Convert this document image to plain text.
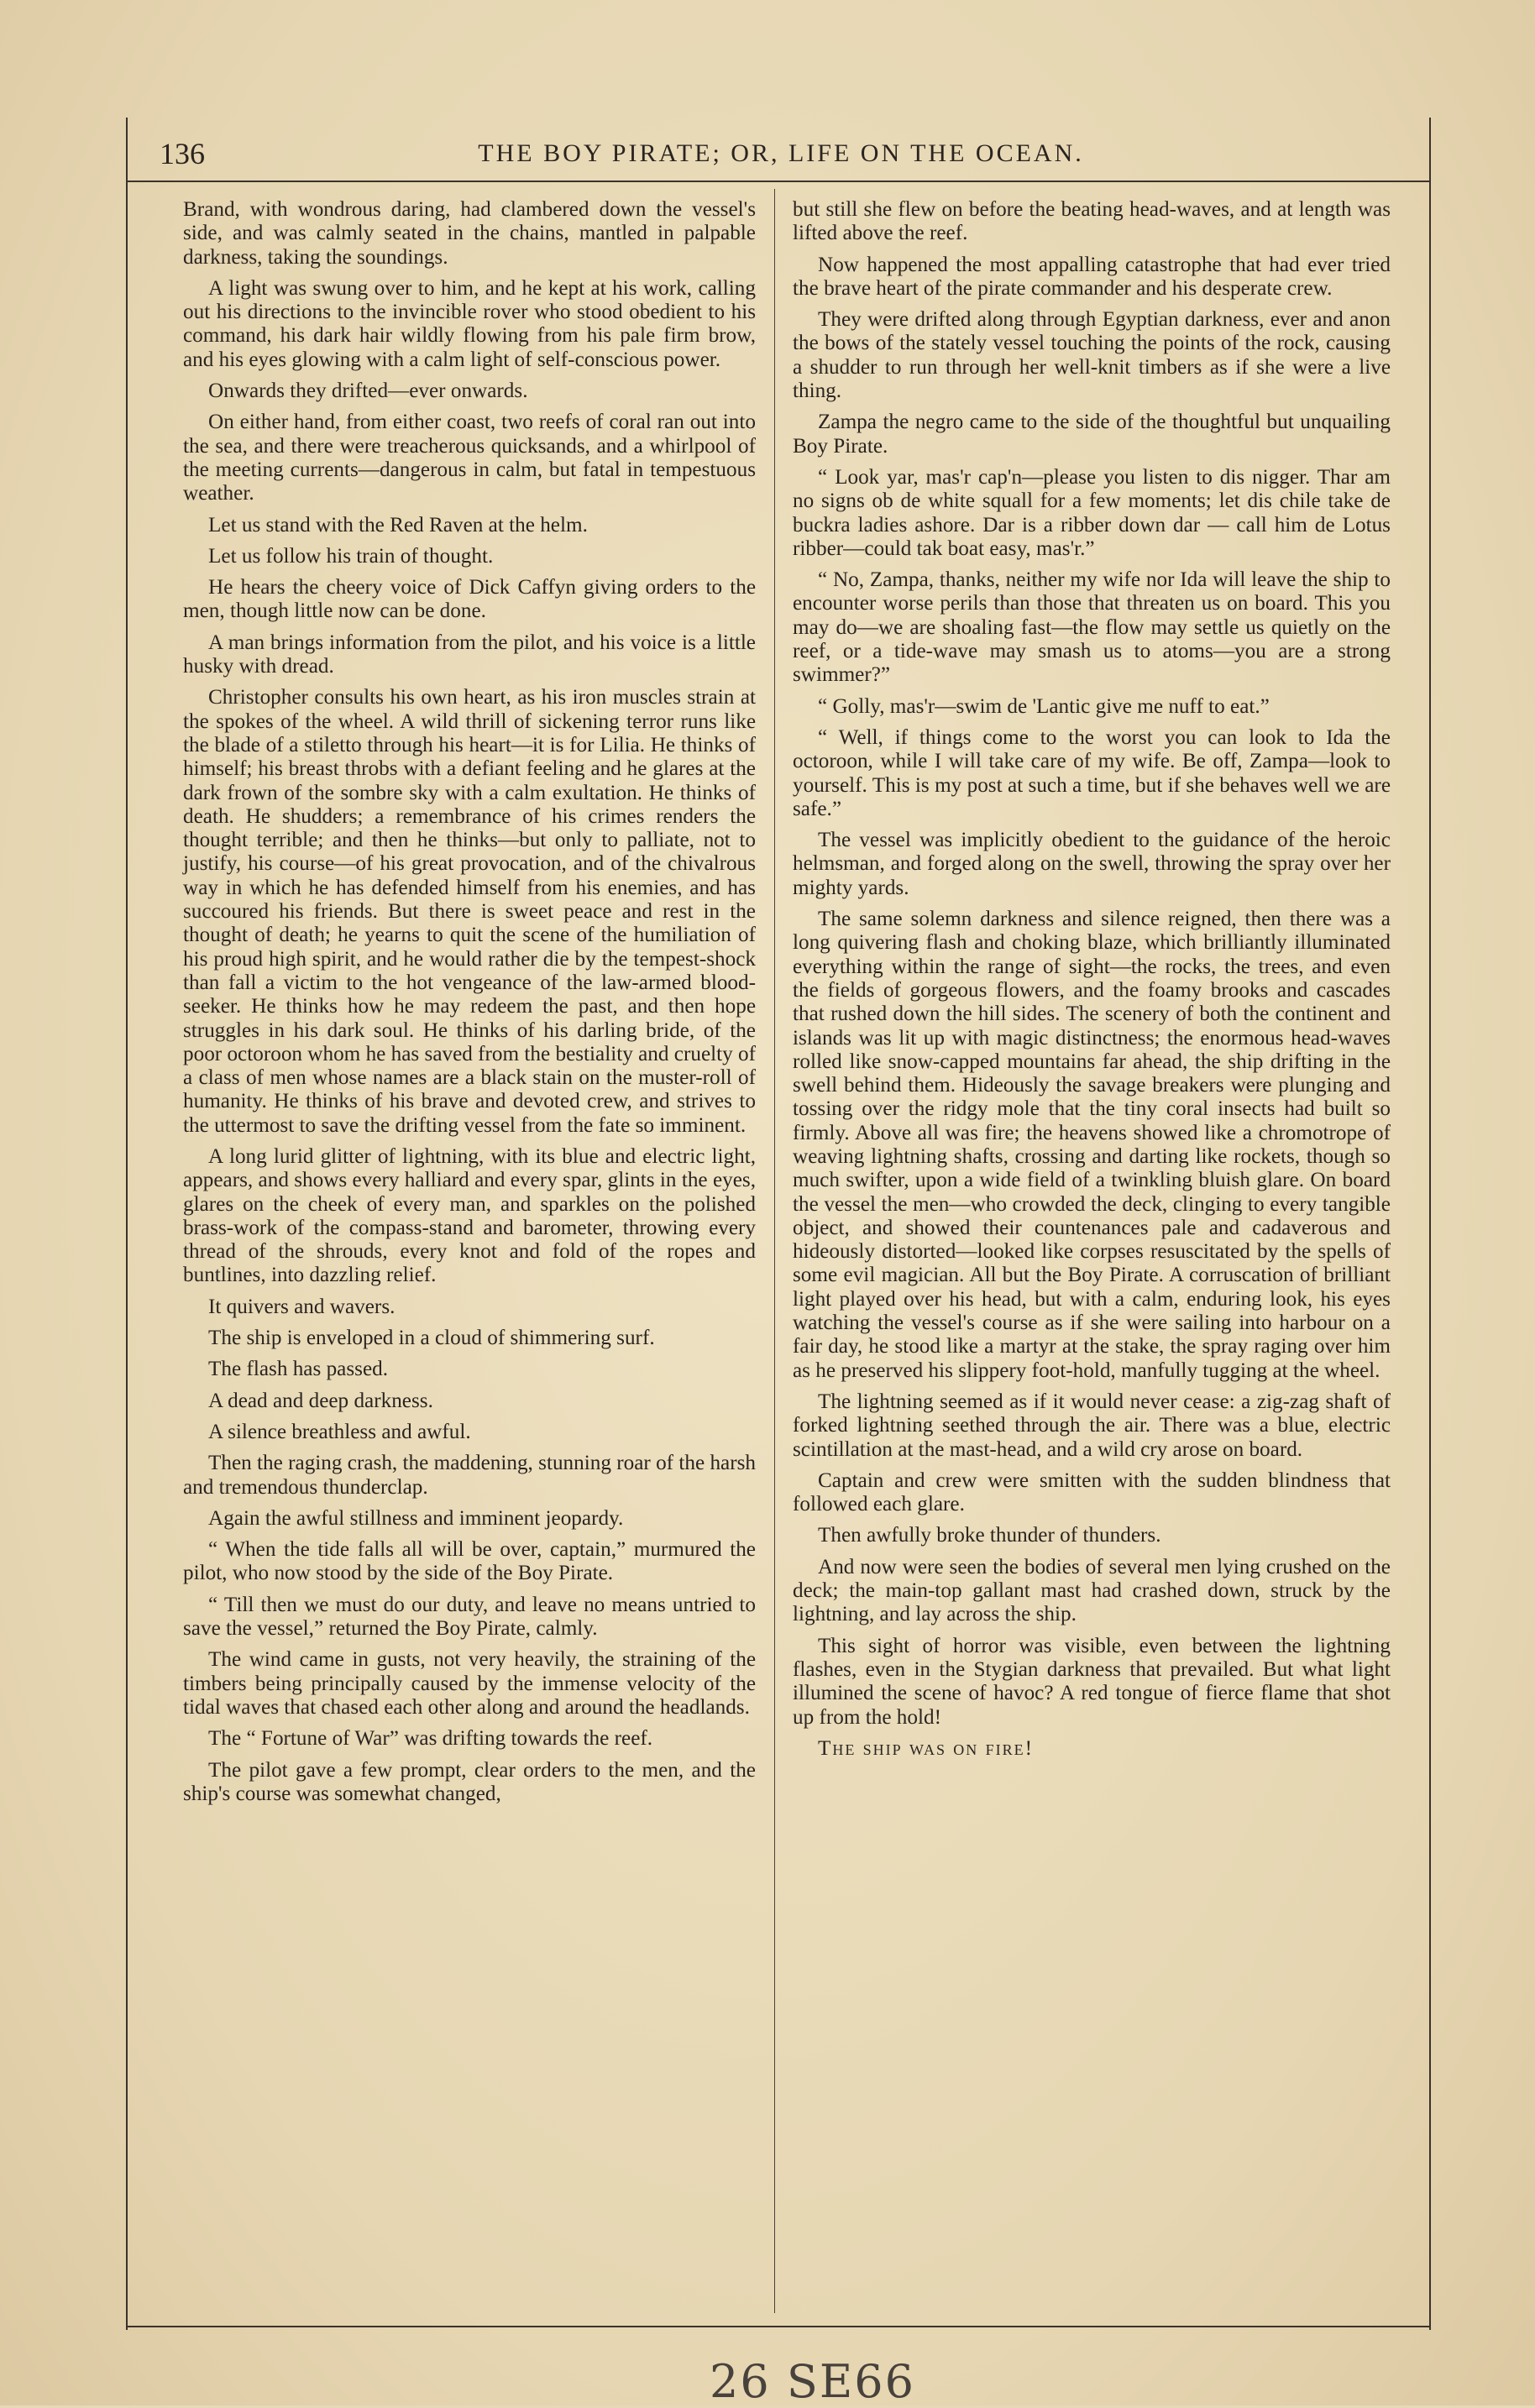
136	THE BOY PIRATE; OR, LIFE ON THE OCEAN.

Brand, with wondrous daring, had clambered down the vessel's side, and was calmly seated in the chains, mantled in palpable darkness, taking the soundings.

A light was swung over to him, and he kept at his work, calling out his directions to the invincible rover who stood obedient to his command, his dark hair wildly flowing from his pale firm brow, and his eyes glowing with a calm light of self-conscious power.

Onwards they drifted—ever onwards.

On either hand, from either coast, two reefs of coral ran out into the sea, and there were treacherous quicksands, and a whirlpool of the meeting currents—dangerous in calm, but fatal in tempestuous weather.

Let us stand with the Red Raven at the helm.

Let us follow his train of thought.

He hears the cheery voice of Dick Caffyn giving orders to the men, though little now can be done.

A man brings information from the pilot, and his voice is a little husky with dread.

Christopher consults his own heart, as his iron muscles strain at the spokes of the wheel. A wild thrill of sickening terror runs like the blade of a stiletto through his heart—it is for Lilia. He thinks of himself; his breast throbs with a defiant feeling and he glares at the dark frown of the sombre sky with a calm exultation. He thinks of death. He shudders; a remembrance of his crimes renders the thought terrible; and then he thinks—but only to palliate, not to justify, his course—of his great provocation, and of the chivalrous way in which he has defended himself from his enemies, and has succoured his friends. But there is sweet peace and rest in the thought of death; he yearns to quit the scene of the humiliation of his proud high spirit, and he would rather die by the tempest-shock than fall a victim to the hot vengeance of the law-armed blood-seeker. He thinks how he may redeem the past, and then hope struggles in his dark soul. He thinks of his darling bride, of the poor octoroon whom he has saved from the bestiality and cruelty of a class of men whose names are a black stain on the muster-roll of humanity. He thinks of his brave and devoted crew, and strives to the uttermost to save the drifting vessel from the fate so imminent.

A long lurid glitter of lightning, with its blue and electric light, appears, and shows every halliard and every spar, glints in the eyes, glares on the cheek of every man, and sparkles on the polished brass-work of the compass-stand and barometer, throwing every thread of the shrouds, every knot and fold of the ropes and buntlines, into dazzling relief.

It quivers and wavers.

The ship is enveloped in a cloud of shimmering surf.

The flash has passed.

A dead and deep darkness.

A silence breathless and awful.

Then the raging crash, the maddening, stunning roar of the harsh and tremendous thunderclap.

Again the awful stillness and imminent jeopardy.

“ When the tide falls all will be over, captain,” murmured the pilot, who now stood by the side of the Boy Pirate.

“ Till then we must do our duty, and leave no means untried to save the vessel,” returned the Boy Pirate, calmly.

The wind came in gusts, not very heavily, the straining of the timbers being principally caused by the immense velocity of the tidal waves that chased each other along and around the headlands.

The “ Fortune of War” was drifting towards the reef.

The pilot gave a few prompt, clear orders to the men, and the ship's course was somewhat changed,

but still she flew on before the beating head-waves, and at length was lifted above the reef.

Now happened the most appalling catastrophe that had ever tried the brave heart of the pirate commander and his desperate crew.

They were drifted along through Egyptian darkness, ever and anon the bows of the stately vessel touching the points of the rock, causing a shudder to run through her well-knit timbers as if she were a live thing.

Zampa the negro came to the side of the thoughtful but unquailing Boy Pirate.

“ Look yar, mas'r cap'n—please you listen to dis nigger. Thar am no signs ob de white squall for a few moments; let dis chile take de buckra ladies ashore. Dar is a ribber down dar — call him de Lotus ribber—could tak boat easy, mas'r.”

“ No, Zampa, thanks, neither my wife nor Ida will leave the ship to encounter worse perils than those that threaten us on board. This you may do—we are shoaling fast—the flow may settle us quietly on the reef, or a tide-wave may smash us to atoms—you are a strong swimmer?”

“ Golly, mas'r—swim de 'Lantic give me nuff to eat.”

“ Well, if things come to the worst you can look to Ida the octoroon, while I will take care of my wife. Be off, Zampa—look to yourself. This is my post at such a time, but if she behaves well we are safe.”

The vessel was implicitly obedient to the guidance of the heroic helmsman, and forged along on the swell, throwing the spray over her mighty yards.

The same solemn darkness and silence reigned, then there was a long quivering flash and choking blaze, which brilliantly illuminated everything within the range of sight—the rocks, the trees, and even the fields of gorgeous flowers, and the foamy brooks and cascades that rushed down the hill sides. The scenery of both the continent and islands was lit up with magic distinctness; the enormous head-waves rolled like snow-capped mountains far ahead, the ship drifting in the swell behind them. Hideously the savage breakers were plunging and tossing over the ridgy mole that the tiny coral insects had built so firmly. Above all was fire; the heavens showed like a chromotrope of weaving lightning shafts, crossing and darting like rockets, though so much swifter, upon a wide field of a twinkling bluish glare. On board the vessel the men—who crowded the deck, clinging to every tangible object, and showed their countenances pale and cadaverous and hideously distorted—looked like corpses resuscitated by the spells of some evil magician. All but the Boy Pirate. A corruscation of brilliant light played over his head, but with a calm, enduring look, his eyes watching the vessel's course as if she were sailing into harbour on a fair day, he stood like a martyr at the stake, the spray raging over him as he preserved his slippery foot-hold, manfully tugging at the wheel.

The lightning seemed as if it would never cease: a zig-zag shaft of forked lightning seethed through the air. There was a blue, electric scintillation at the mast-head, and a wild cry arose on board.

Captain and crew were smitten with the sudden blindness that followed each glare.

Then awfully broke thunder of thunders.

And now were seen the bodies of several men lying crushed on the deck; the main-top gallant mast had crashed down, struck by the lightning, and lay across the ship.

This sight of horror was visible, even between the lightning flashes, even in the Stygian darkness that prevailed. But what light illumined the scene of havoc? A red tongue of fierce flame that shot up from the hold!

The ship was on fire!

26 SE66
